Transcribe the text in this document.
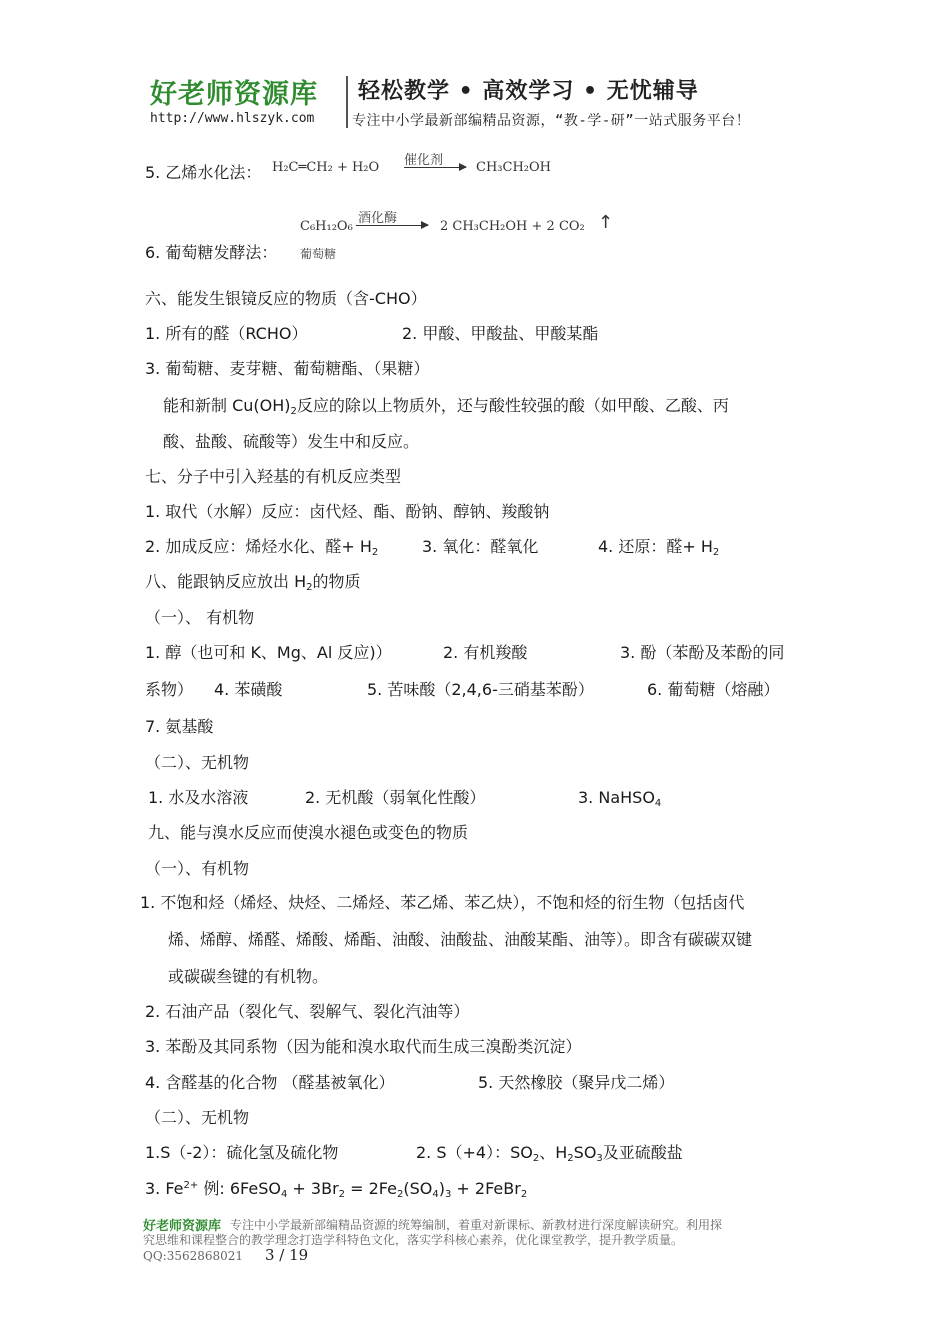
好老师资源库 轻松教学 • 高效学习 • 无忧辅导
http://www.hlszyk.com	专注中小学最新部编精品资源，“教-学-研”一站式服务平台！
5. 乙烯水化法： H₂C═CH₂ + H₂O 催化剂 → CH₃CH₂OH
C₆H₁₂O₆
酒化酶
2 CH₃CH₂OH + 2 CO₂ ↑
6. 葡萄糖发酵法： 葡萄糖
六、能发生银镜反应的物质（含-CHO）
1. 所有的醛（RCHO）	2. 甲酸、甲酸盐、甲酸某酯
3. 葡萄糖、麦芽糖、葡萄糖酯、（果糖）
能和新制 $Cu(OH)_2$反应的除以上物质外，还与酸性较强的酸（如甲酸、乙酸、丙
酸、盐酸、硫酸等）发生中和反应。
七、分子中引入羟基的有机反应类型
1. 取代（水解）反应：卤代烃、酯、酚钠、醇钠、羧酸钠
2. 加成反应：烯烃水化、醛+ $H_2$	3. 氧化：醛氧化	4. 还原：醛+ $H_2$
八、能跟钠反应放出 $H_2$的物质
（一）、 有机物
1. 醇（也可和 K、Mg、Al 反应)）	2. 有机羧酸	3. 酚（苯酚及苯酚的同
系物） 4. 苯磺酸	5. 苦味酸（2,4,6-三硝基苯酚）	6. 葡萄糖（熔融）
7. 氨基酸
（二）、无机物
1. 水及水溶液	2. 无机酸（弱氧化性酸）	3. NaHSO$_4$
九、能与溴水反应而使溴水褪色或变色的物质
（一）、有机物
1. 不饱和烃（烯烃、炔烃、二烯烃、苯乙烯、苯乙炔），不饱和烃的衍生物（包括卤代
烯、烯醇、烯醛、烯酸、烯酯、油酸、油酸盐、油酸某酯、油等）。即含有碳碳双键
或碳碳叁键的有机物。
2. 石油产品（裂化气、裂解气、裂化汽油等）
3. 苯酚及其同系物（因为能和溴水取代而生成三溴酚类沉淀）
4. 含醛基的化合物 （醛基被氧化）	5. 天然橡胶（聚异戊二烯）
（二）、无机物
1.S（-2）：硫化氢及硫化物	2. S（+4）：$SO_2$、$H_2SO_3$及亚硫酸盐
3. $Fe^{2+}$ 例: 6FeSO$_4$ + $3Br_2 = 2Fe_2(SO_4)_3$ + 2FeBr$_2$
好老师资源库 专注中小学最新部编精品资源的统筹编制，着重对新课标、新教材进行深度解读研究。利用探
究思维和课程整合的教学理念打造学科特色文化，落实学科核心素养，优化课堂教学，提升教学质量。
QQ:3562868021 3 / 19
